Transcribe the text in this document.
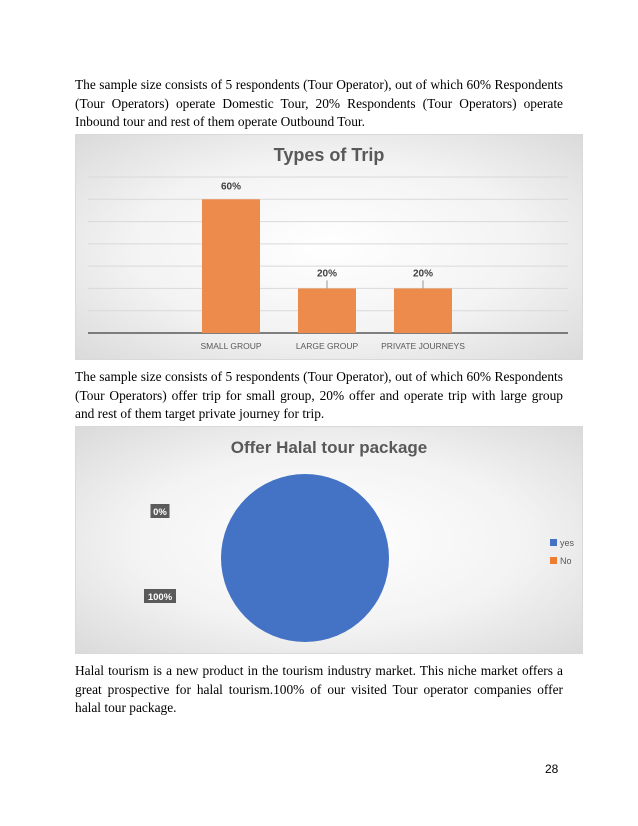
The sample size consists of 5 respondents (Tour Operator), out of which 60% Respondents (Tour Operators) operate Domestic Tour, 20% Respondents (Tour Operators) operate Inbound tour and rest of them operate Outbound Tour.

Types of Trip
60%
SMALL GROUP
20%
LARGE GROUP
20%
PRIVATE JOURNEYS

The sample size consists of 5 respondents (Tour Operator), out of which 60% Respondents (Tour Operators) offer trip for small group, 20% offer and operate trip with large group and rest of them target private journey for trip.

Offer Halal tour package
100%
0%
yes
No

Halal tourism is a new product in the tourism industry market. This niche market offers a great prospective for halal tourism.100% of our visited Tour operator companies offer halal tour package.

28
